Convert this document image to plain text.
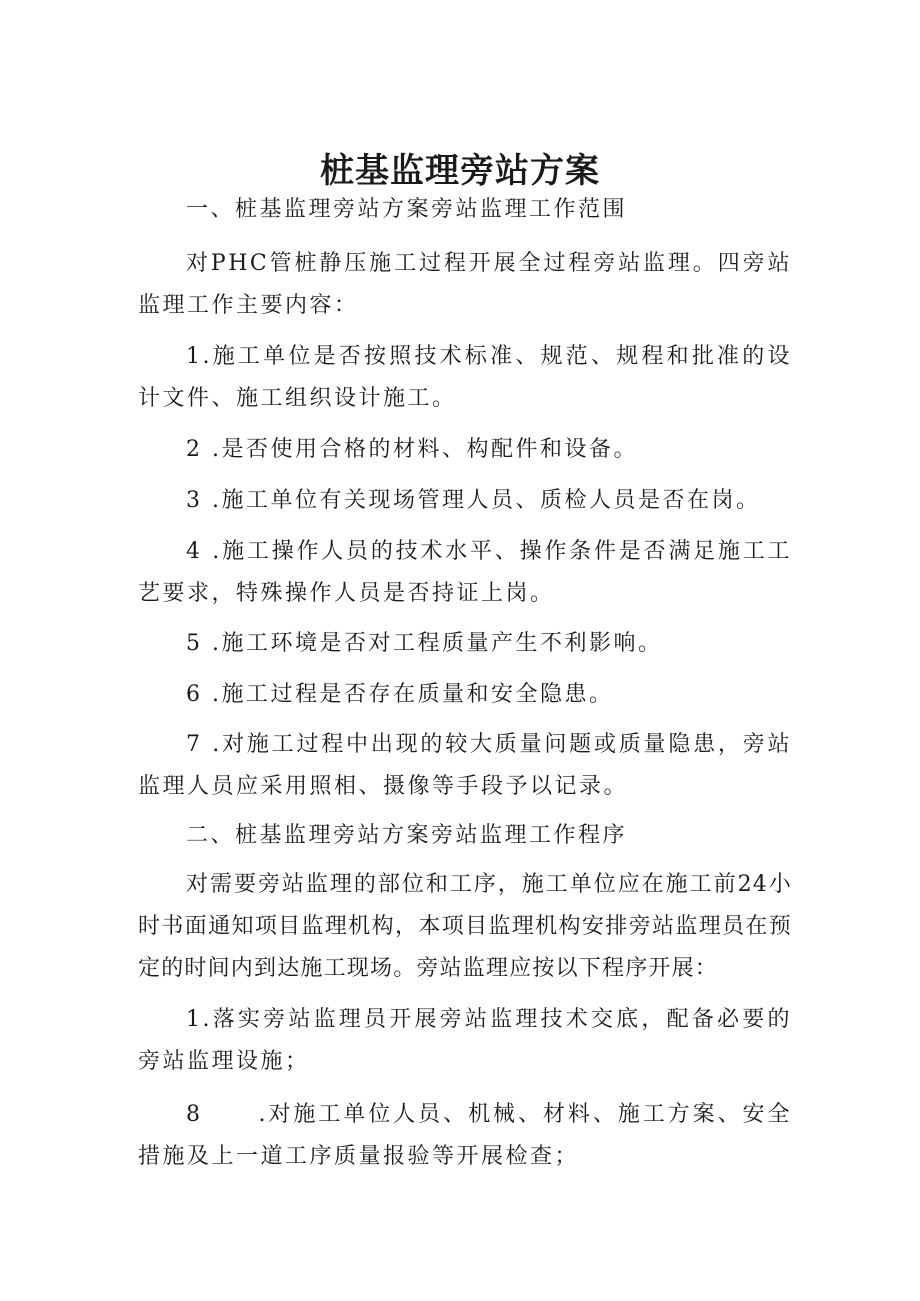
桩基监理旁站方案

一、桩基监理旁站方案旁站监理工作范围

对PHC管桩静压施工过程开展全过程旁站监理。四旁站监理工作主要内容：

1.施工单位是否按照技术标准、规范、规程和批准的设计文件、施工组织设计施工。

2 .是否使用合格的材料、构配件和设备。

3 .施工单位有关现场管理人员、质检人员是否在岗。

4 .施工操作人员的技术水平、操作条件是否满足施工工艺要求，特殊操作人员是否持证上岗。

5 .施工环境是否对工程质量产生不利影响。

6 .施工过程是否存在质量和安全隐患。

7 .对施工过程中出现的较大质量问题或质量隐患，旁站监理人员应采用照相、摄像等手段予以记录。

二、桩基监理旁站方案旁站监理工作程序

对需要旁站监理的部位和工序，施工单位应在施工前24小时书面通知项目监理机构，本项目监理机构安排旁站监理员在预定的时间内到达施工现场。旁站监理应按以下程序开展：

1.落实旁站监理员开展旁站监理技术交底，配备必要的旁站监理设施；

8	.对施工单位人员、机械、材料、施工方案、安全措施及上一道工序质量报验等开展检查；
